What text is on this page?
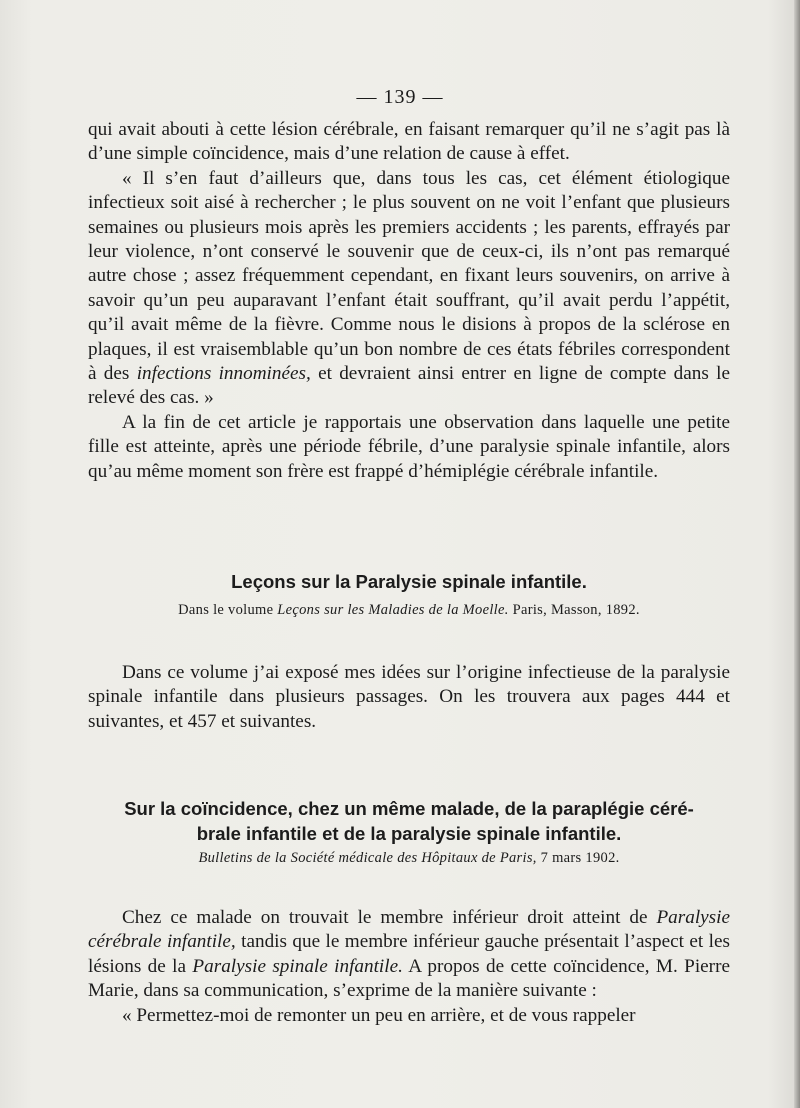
— 139 —

qui avait abouti à cette lésion cérébrale, en faisant remarquer qu’il ne s’agit pas là d’une simple coïncidence, mais d’une relation de cause à effet.

« Il s’en faut d’ailleurs que, dans tous les cas, cet élément étiologique infectieux soit aisé à rechercher ; le plus souvent on ne voit l’enfant que plusieurs semaines ou plusieurs mois après les premiers accidents ; les parents, effrayés par leur violence, n’ont conservé le souvenir que de ceux-ci, ils n’ont pas remarqué autre chose ; assez fréquemment cependant, en fixant leurs souvenirs, on arrive à savoir qu’un peu auparavant l’enfant était souffrant, qu’il avait perdu l’appétit, qu’il avait même de la fièvre. Comme nous le disions à propos de la sclérose en plaques, il est vraisemblable qu’un bon nombre de ces états fébriles correspondent à des infections innominées, et devraient ainsi entrer en ligne de compte dans le relevé des cas. »

A la fin de cet article je rapportais une observation dans laquelle une petite fille est atteinte, après une période fébrile, d’une paralysie spinale infantile, alors qu’au même moment son frère est frappé d’hémiplégie cérébrale infantile.

Leçons sur la Paralysie spinale infantile.
Dans le volume Leçons sur les Maladies de la Moelle. Paris, Masson, 1892.

Dans ce volume j’ai exposé mes idées sur l’origine infectieuse de la paralysie spinale infantile dans plusieurs passages. On les trouvera aux pages 444 et suivantes, et 457 et suivantes.

Sur la coïncidence, chez un même malade, de la paraplégie céré-
brale infantile et de la paralysie spinale infantile.
Bulletins de la Société médicale des Hôpitaux de Paris, 7 mars 1902.

Chez ce malade on trouvait le membre inférieur droit atteint de Paralysie cérébrale infantile, tandis que le membre inférieur gauche présentait l’aspect et les lésions de la Paralysie spinale infantile. A propos de cette coïncidence, M. Pierre Marie, dans sa communication, s’exprime de la manière suivante :

« Permettez-moi de remonter un peu en arrière, et de vous rappeler
